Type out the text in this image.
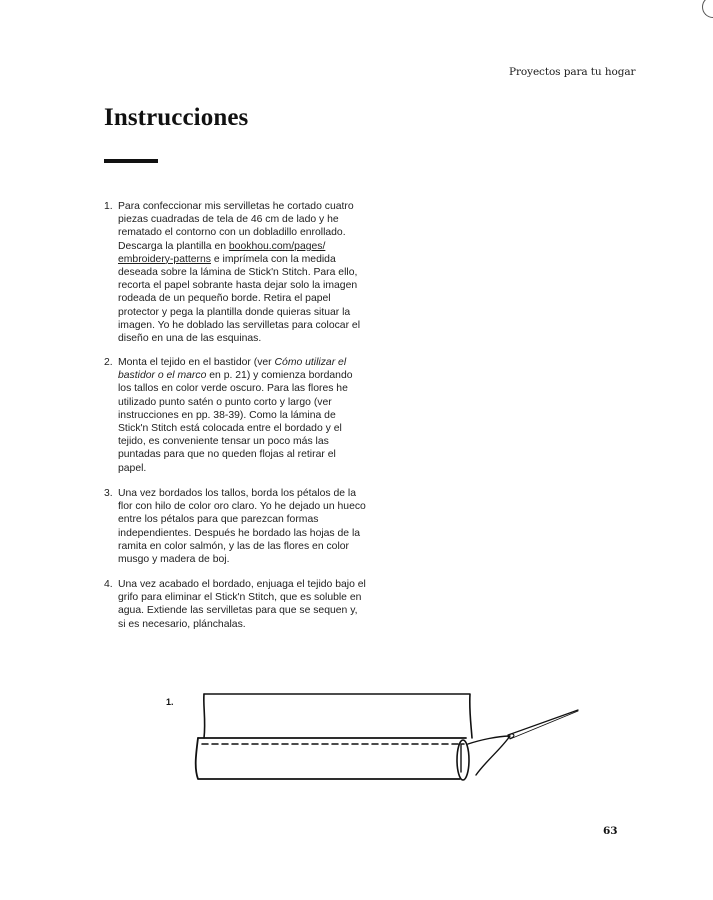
Proyectos para tu hogar
Instrucciones
1. Para confeccionar mis servilletas he cortado cuatro piezas cuadradas de tela de 46 cm de lado y he rematado el contorno con un dobladillo enrollado. Descarga la plantilla en bookhou.com/pages/ embroidery-patterns e imprímela con la medida deseada sobre la lámina de Stick'n Stitch. Para ello, recorta el papel sobrante hasta dejar solo la imagen rodeada de un pequeño borde. Retira el papel protector y pega la plantilla donde quieras situar la imagen. Yo he doblado las servilletas para colocar el diseño en una de las esquinas.
2. Monta el tejido en el bastidor (ver Cómo utilizar el bastidor o el marco en p. 21) y comienza bordando los tallos en color verde oscuro. Para las flores he utilizado punto satén o punto corto y largo (ver instrucciones en pp. 38-39). Como la lámina de Stick'n Stitch está colocada entre el bordado y el tejido, es conveniente tensar un poco más las puntadas para que no queden flojas al retirar el papel.
3. Una vez bordados los tallos, borda los pétalos de la flor con hilo de color oro claro. Yo he dejado un hueco entre los pétalos para que parezcan formas independientes. Después he bordado las hojas de la ramita en color salmón, y las de las flores en color musgo y madera de boj.
4. Una vez acabado el bordado, enjuaga el tejido bajo el grifo para eliminar el Stick'n Stitch, que es soluble en agua. Extiende las servilletas para que se sequen y, si es necesario, plánchalas.
1.
63
